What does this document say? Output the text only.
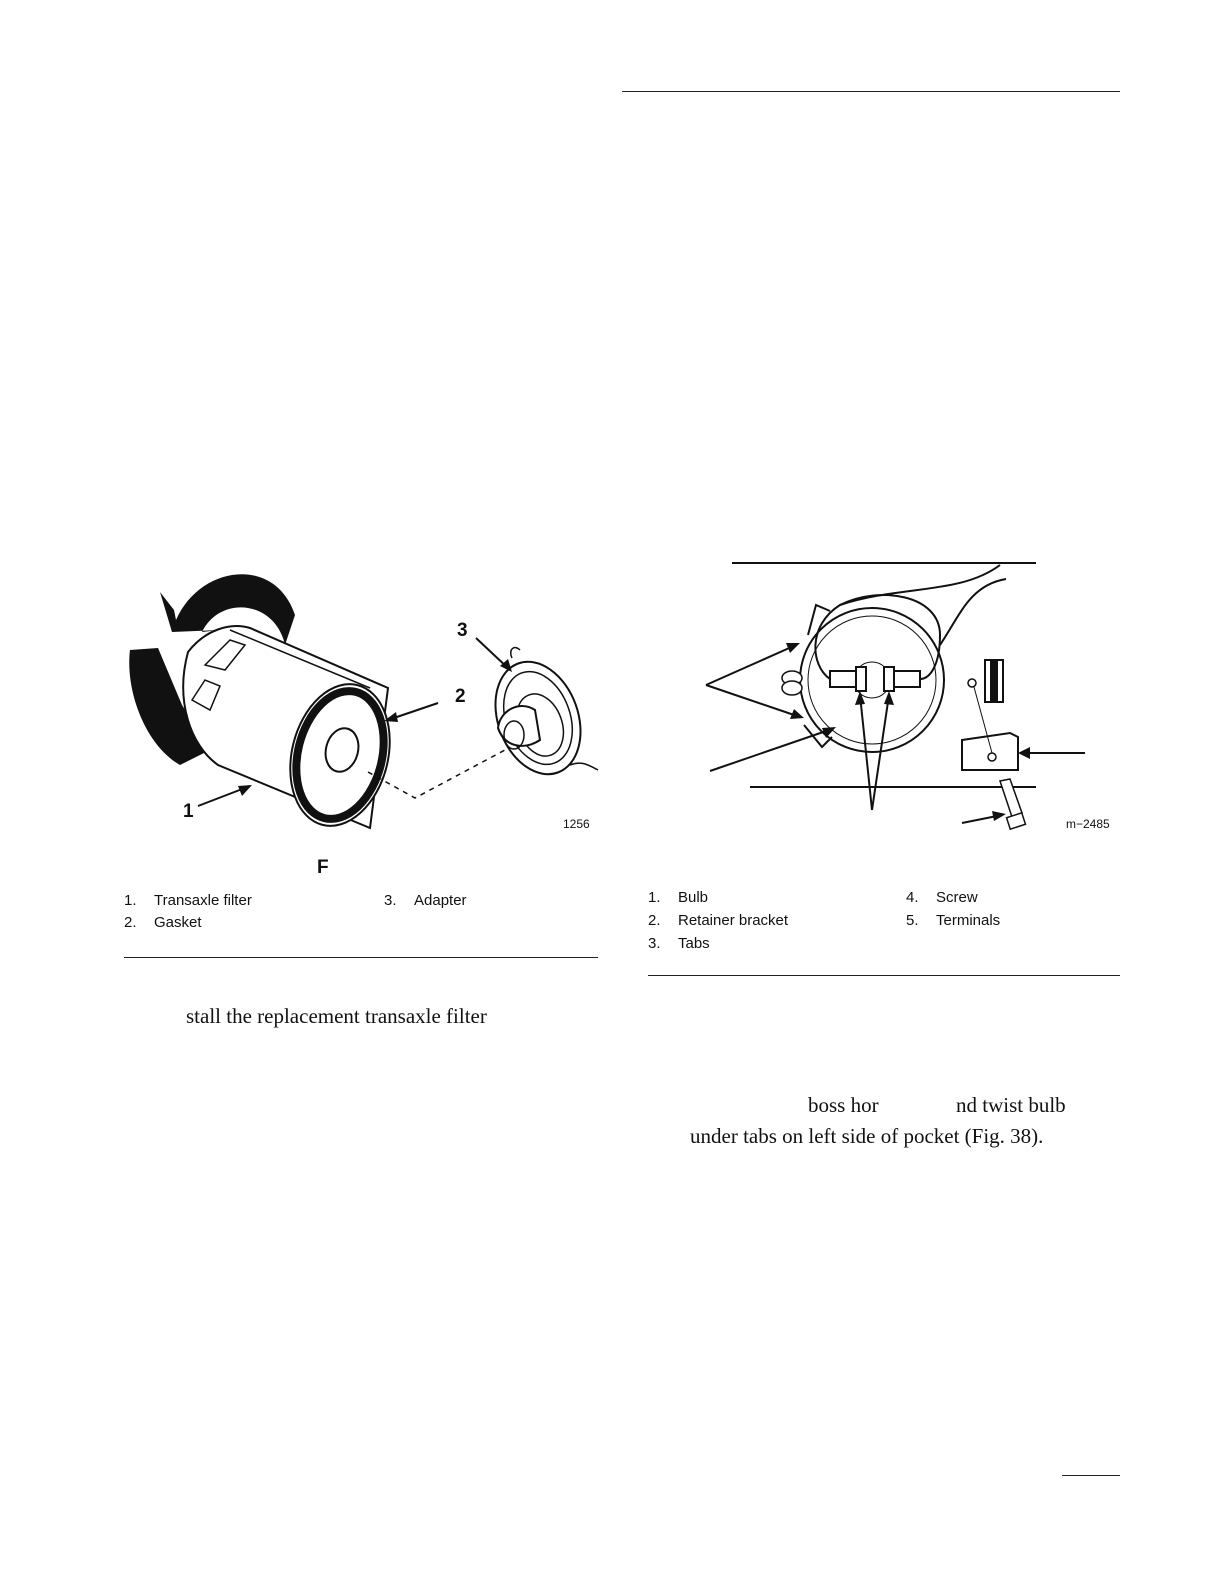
1
2
3
1256
F
1. Transaxle filter
2. Gasket
3. Adapter
m−2485
1. Bulb
2. Retainer bracket
3. Tabs
4. Screw
5. Terminals
stall the replacement transaxle filter
boss hor	nd twist bulb
under tabs on left side of pocket (Fig. 38).
